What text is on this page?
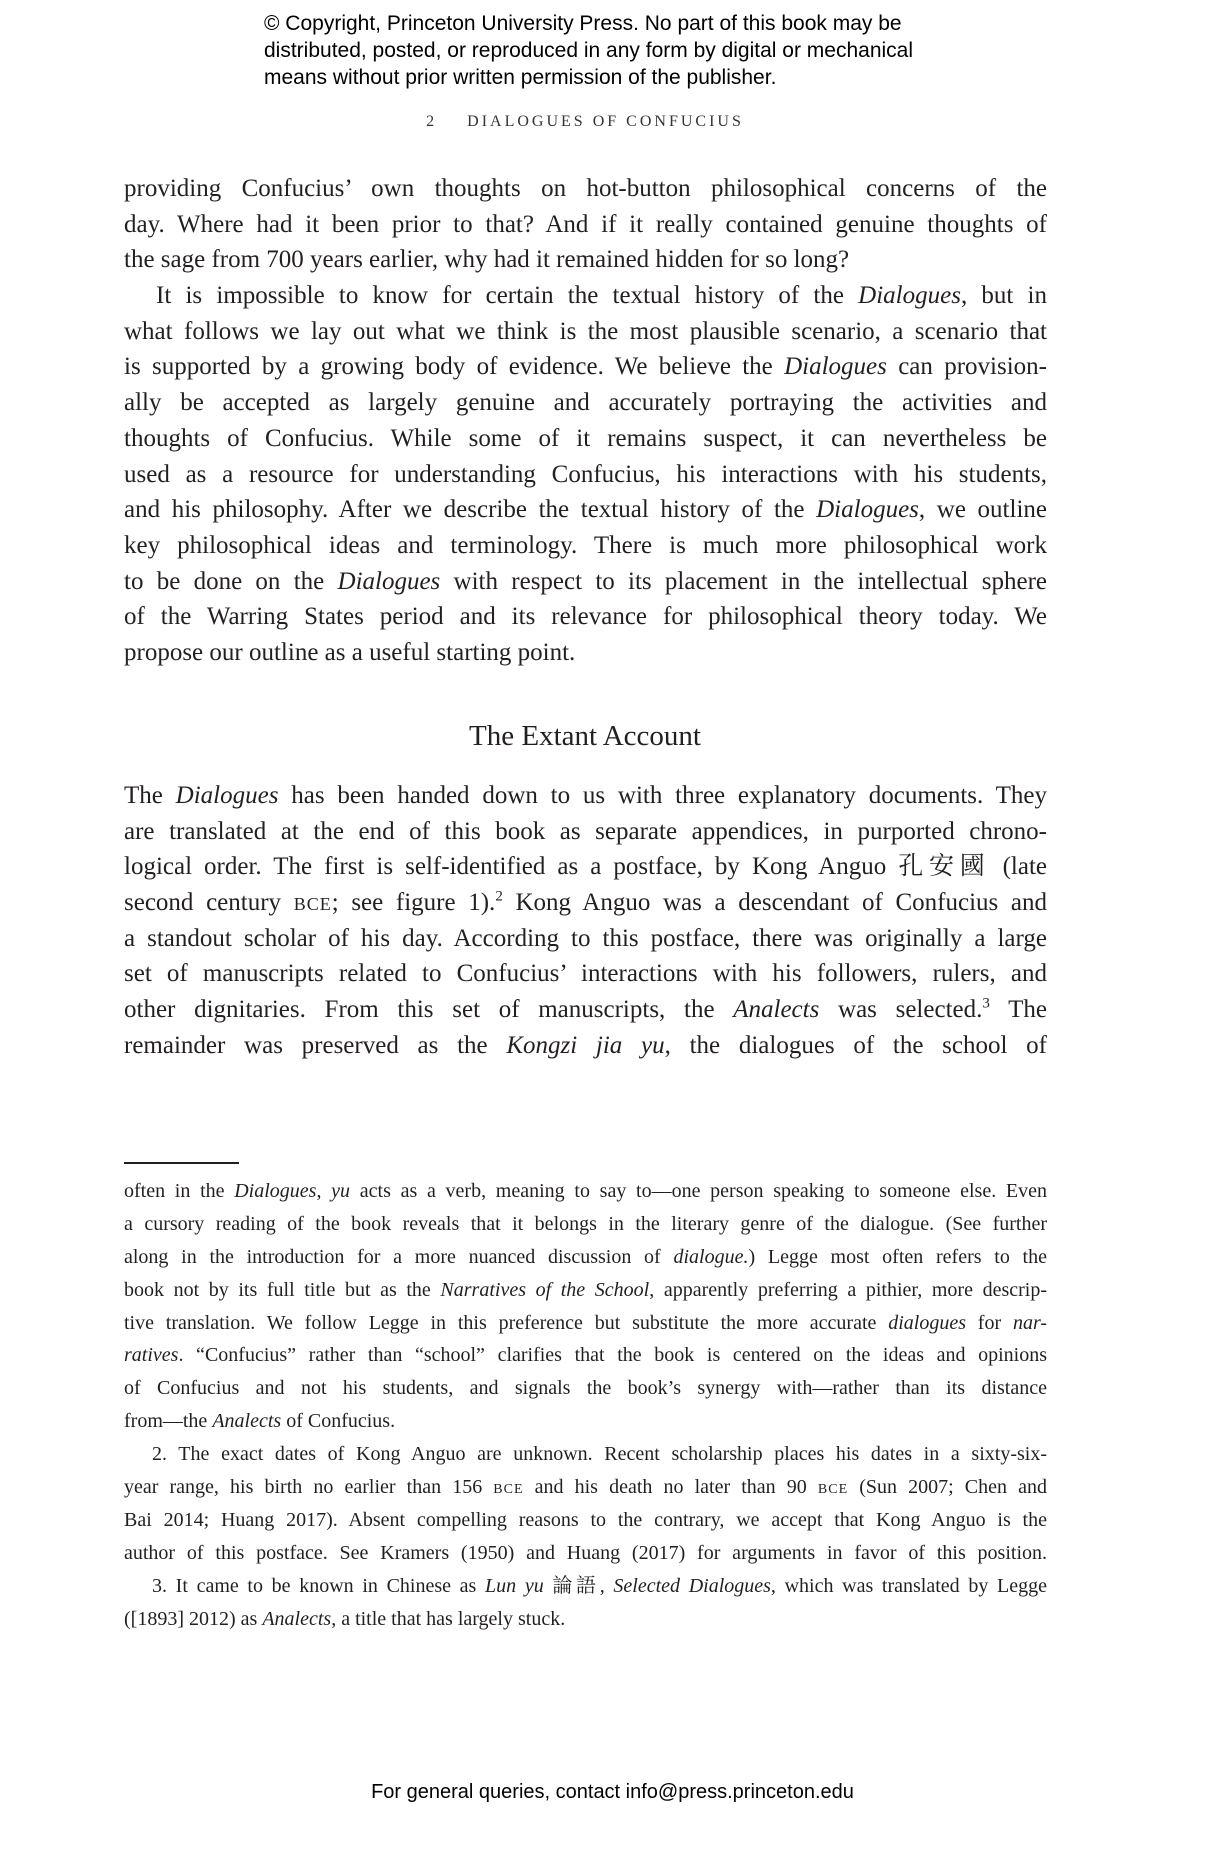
© Copyright, Princeton University Press. No part of this book may be
distributed, posted, or reproduced in any form by digital or mechanical
means without prior written permission of the publisher.
2 DIALOGUES OF CONFUCIUS
providing Confucius’ own thoughts on hot-button philosophical concerns of the
day. Where had it been prior to that? And if it really contained genuine thoughts of
the sage from 700 years earlier, why had it remained hidden for so long?
It is impossible to know for certain the textual history of the Dialogues, but in
what follows we lay out what we think is the most plausible scenario, a scenario that
is supported by a growing body of evidence. We believe the Dialogues can provision-
ally be accepted as largely genuine and accurately portraying the activities and
thoughts of Confucius. While some of it remains suspect, it can nevertheless be
used as a resource for understanding Confucius, his interactions with his students,
and his philosophy. After we describe the textual history of the Dialogues, we outline
key philosophical ideas and terminology. There is much more philosophical work
to be done on the Dialogues with respect to its placement in the intellectual sphere
of the Warring States period and its relevance for philosophical theory today. We
propose our outline as a useful starting point.
The Extant Account
The Dialogues has been handed down to us with three explanatory documents. They
are translated at the end of this book as separate appendices, in purported chrono-
logical order. The first is self-identified as a postface, by Kong Anguo 孔安國 (late
second century bce; see figure 1).$^2$ Kong Anguo was a descendant of Confucius and
a standout scholar of his day. According to this postface, there was originally a large
set of manuscripts related to Confucius’ interactions with his followers, rulers, and
other dignitaries. From this set of manuscripts, the Analects was selected.$^3$ The
remainder was preserved as the Kongzi jia yu, the dialogues of the school of
often in the Dialogues, yu acts as a verb, meaning to say to—one person speaking to someone else. Even
a cursory reading of the book reveals that it belongs in the literary genre of the dialogue. (See further
along in the introduction for a more nuanced discussion of dialogue.) Legge most often refers to the
book not by its full title but as the Narratives of the School, apparently preferring a pithier, more descrip-
tive translation. We follow Legge in this preference but substitute the more accurate dialogues for nar-
ratives. “Confucius” rather than “school” clarifies that the book is centered on the ideas and opinions
of Confucius and not his students, and signals the book’s synergy with—rather than its distance
from—the Analects of Confucius.
2. The exact dates of Kong Anguo are unknown. Recent scholarship places his dates in a sixty-six-
year range, his birth no earlier than 156 bce and his death no later than 90 bce (Sun 2007; Chen and
Bai 2014; Huang 2017). Absent compelling reasons to the contrary, we accept that Kong Anguo is the
author of this postface. See Kramers (1950) and Huang (2017) for arguments in favor of this position.
3. It came to be known in Chinese as Lun yu 論語, Selected Dialogues, which was translated by Legge
([1893] 2012) as Analects, a title that has largely stuck.
For general queries, contact info@press.princeton.edu
